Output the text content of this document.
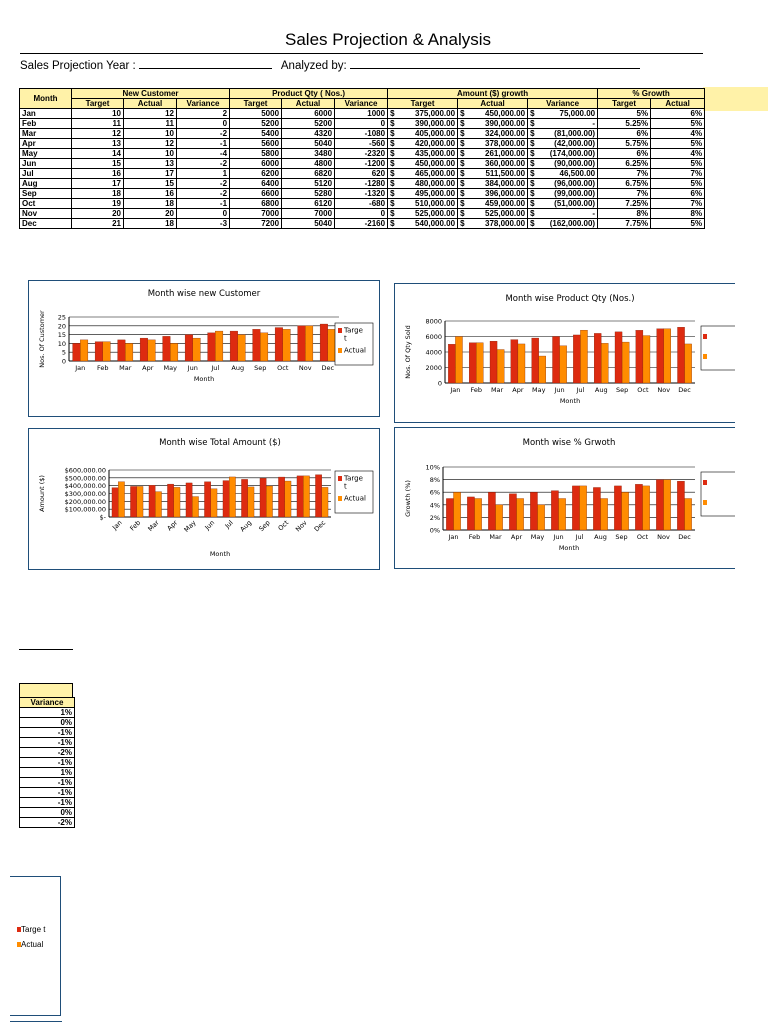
Sales Projection & Analysis
Sales Projection Year :	Analyzed by:
Month	New Customer			Product Qty ( Nos.)			Amount ($) growth			% Growth	
	Target	Actual	Variance	Target	Actual	Variance	Target	Actual	Variance	Target	Actual
Jan	10	12	2	5000	6000	1000	$ 375,000.00	$ 450,000.00	$ 75,000.00	5%	6%
Feb	11	11	0	5200	5200	0	$ 390,000.00	$ 390,000.00	$ -	5.25%	5%
Mar	12	10	-2	5400	4320	-1080	$ 405,000.00	$ 324,000.00	$ (81,000.00)	6%	4%
Apr	13	12	-1	5600	5040	-560	$ 420,000.00	$ 378,000.00	$ (42,000.00)	5.75%	5%
May	14	10	-4	5800	3480	-2320	$ 435,000.00	$ 261,000.00	$ (174,000.00)	6%	4%
Jun	15	13	-2	6000	4800	-1200	$ 450,000.00	$ 360,000.00	$ (90,000.00)	6.25%	5%
Jul	16	17	1	6200	6820	620	$ 465,000.00	$ 511,500.00	$ 46,500.00	7%	7%
Aug	17	15	-2	6400	5120	-1280	$ 480,000.00	$ 384,000.00	$ (96,000.00)	6.75%	5%
Sep	18	16	-2	6600	5280	-1320	$ 495,000.00	$ 396,000.00	$ (99,000.00)	7%	6%
Oct	19	18	-1	6800	6120	-680	$ 510,000.00	$ 459,000.00	$ (51,000.00)	7.25%	7%
Nov	20	20	0	7000	7000	0	$ 525,000.00	$ 525,000.00	$ -	8%	8%
Dec	21	18	-3	7200	5040	-2160	$ 540,000.00	$ 378,000.00	$ (162,000.00)	7.75%	5%
Month wise new Customer
0
5
10
15
20
25
Jan Feb Mar Apr May Jun Jul Aug Sep Oct Nov Dec
Month
Nos. Of Customer	Targe t
Actual
Month wise Product Qty (Nos.)
0
2000
4000
6000
8000
Jan Feb Mar Apr May Jun Jul Aug Sep Oct Nov Dec
Month
Nos. Of Qty Sold
Month wise Total Amount ($)
$-
$100,000.00
$200,000.00
$300,000.00
$400,000.00
$500,000.00
$600,000.00
Jan Feb Mar Apr May Jun Jul Aug Sep Oct Nov Dec
Month
Amount ($)	Targe t
Actual
Month wise % Grwoth
0%
2%
4%
6%
8%
10%
Jan Feb Mar Apr May Jun Jul Aug Sep Oct Nov Dec
Month
Growth (%)
Variance
1%
0%
-1%
-1%
-2%
-1%
1%
-1%
-1%
-1%
0%
-2%
Targe t
Actual
